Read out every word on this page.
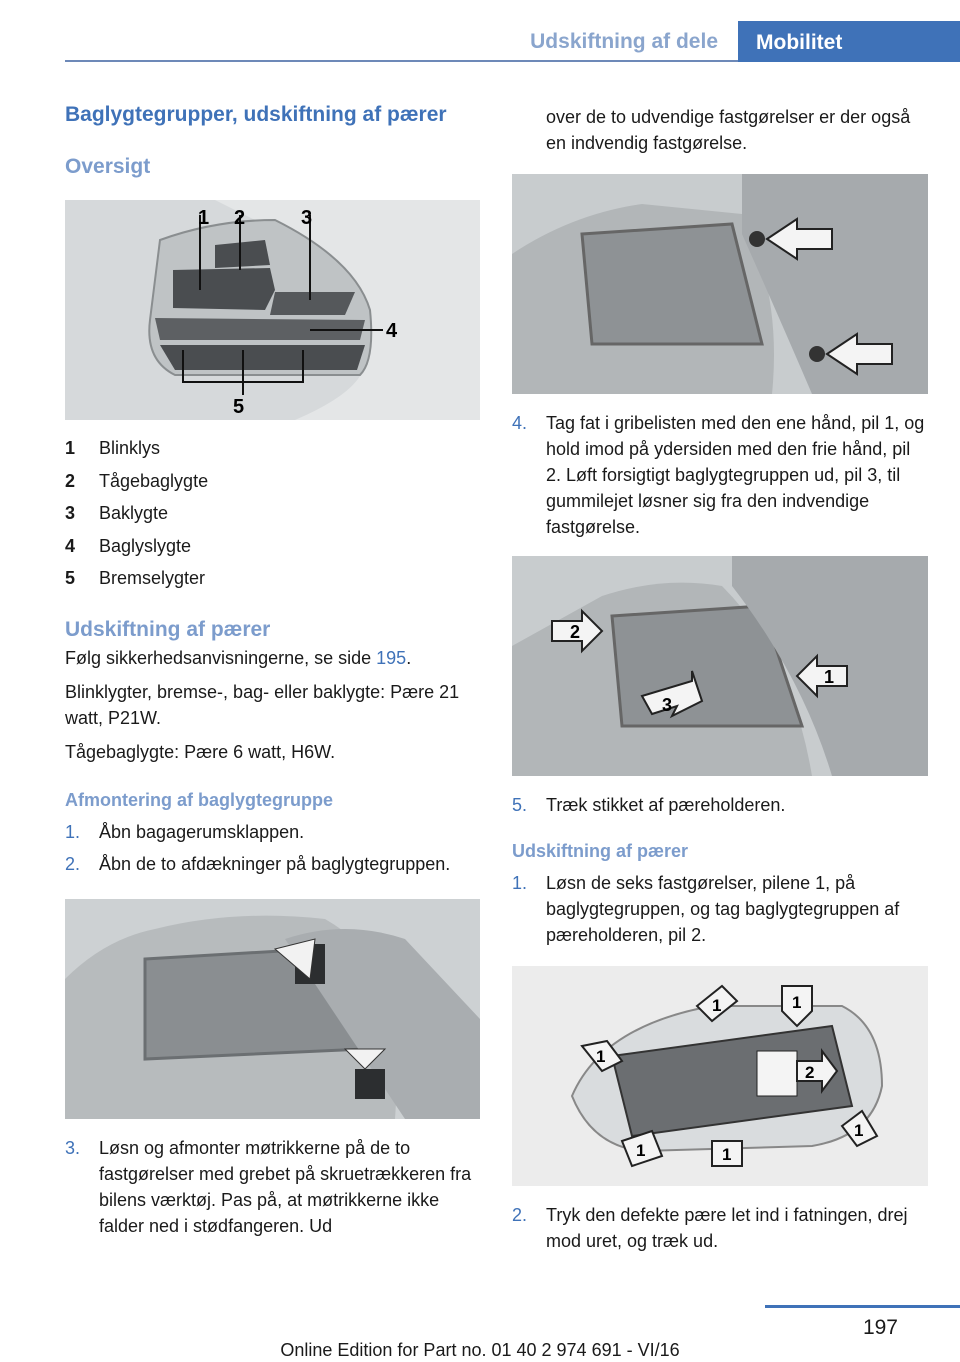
Udskiftning af dele	Mobilitet
Baglygtegrupper, udskiftning af pærer
Oversigt
1 2	3
4
5
1	Blinklys
2	Tågebaglygte
3	Baklygte
4	Baglyslygte
5	Bremselygter
Udskiftning af pærer

Følg sikkerhedsanvisningerne, se side 195.

Blinklygter, bremse-, bag- eller baklygte: Pære 21 watt, P21W.

Tågebaglygte: Pære 6 watt, H6W.

Afmontering af baglygtegruppe
1.	Åbn bagagerumsklappen.
2.	Åbn de to afdækninger på baglygtegruppen.
3.	Løsn og afmonter møtrikkerne på de to fastgørelser med grebet på skruetrækkeren fra bilens værktøj. Pas på, at møtrikkerne ikke falder ned i stødfangeren. Ud

over de to udvendige fastgørelser er der også en indvendig fastgørelse.

4.	Tag fat i gribelisten med den ene hånd, pil 1, og hold imod på ydersiden med den frie hånd, pil 2. Løft forsigtigt baglygtegruppen ud, pil 3, til gummilejet løsner sig fra den indvendige fastgørelse.
2
1
3
5.	Træk stikket af pæreholderen.
Udskiftning af pærer
1.	Løsn de seks fastgørelser, pilene 1, på baglygtegruppen, og tag baglygtegruppen af pæreholderen, pil 2.
1	1
1
2
1
1	1
2.	Tryk den defekte pære let ind i fatningen, drej mod uret, og træk ud.
197
Online Edition for Part no. 01 40 2 974 691 - VI/16
